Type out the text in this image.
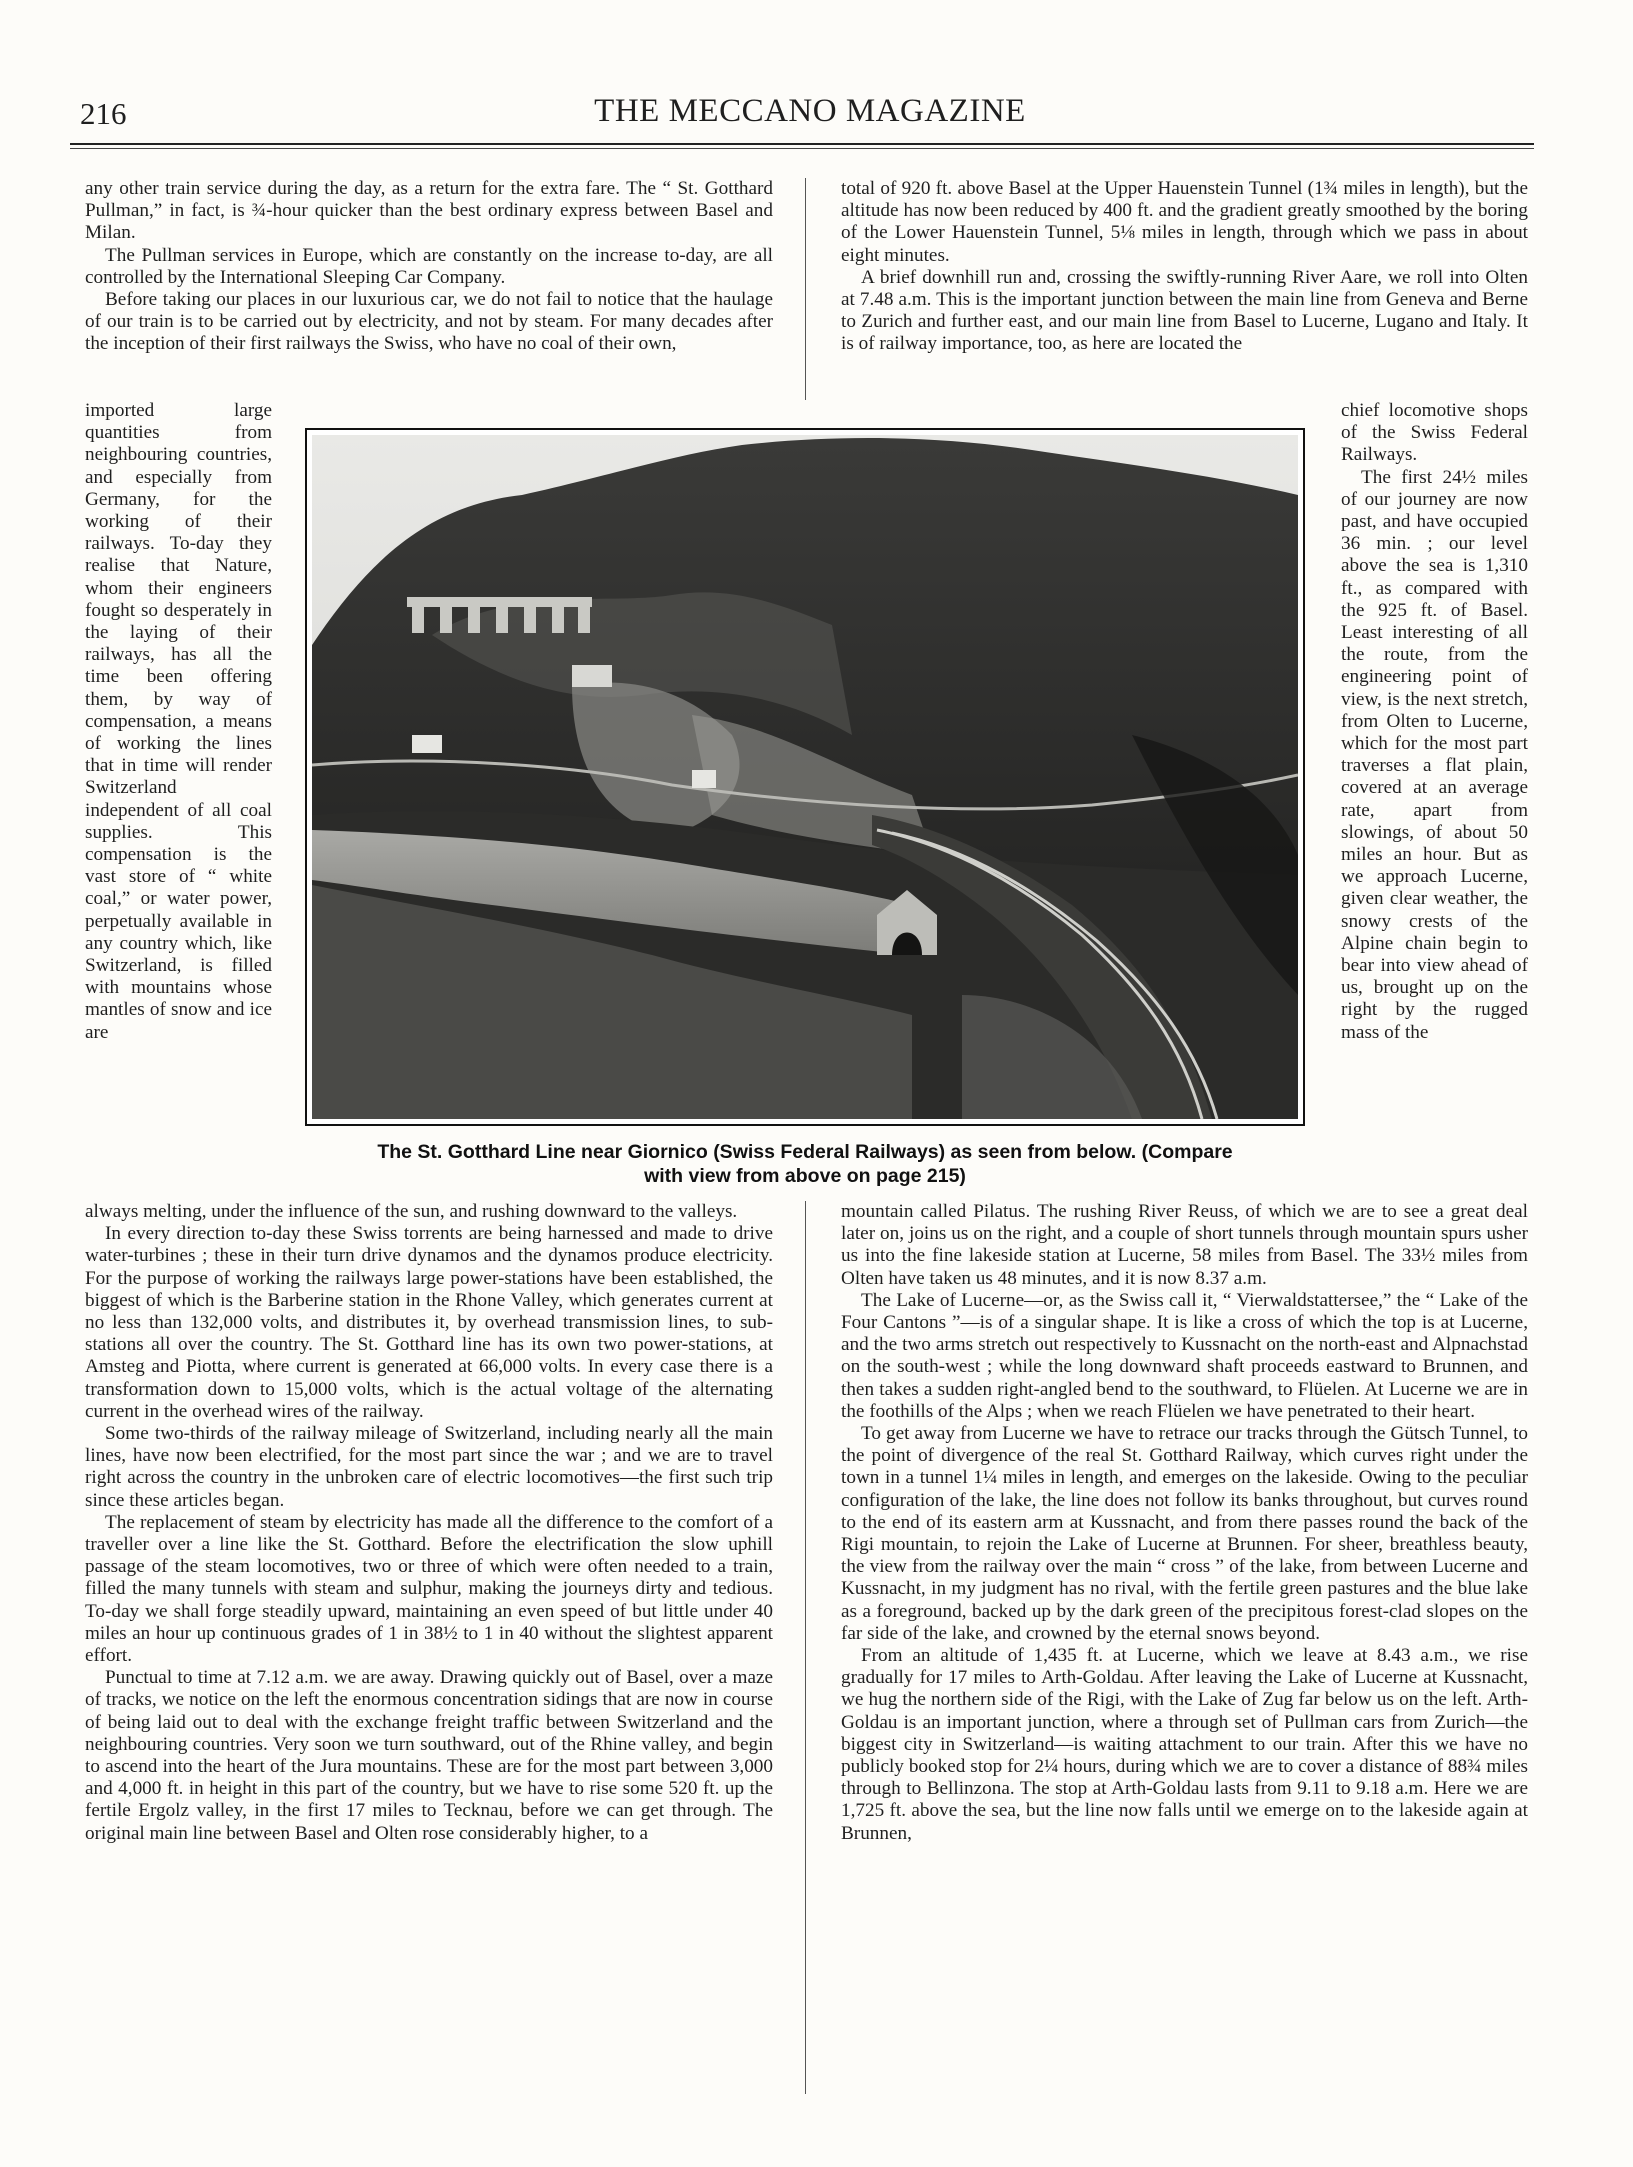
216	THE MECCANO MAGAZINE

any other train service during the day, as a return for the extra fare. The “ St. Gotthard Pullman,” in fact, is ¾-hour quicker than the best ordinary express between Basel and Milan.

The Pullman services in Europe, which are constantly on the increase to-day, are all controlled by the International Sleeping Car Company.

Before taking our places in our luxurious car, we do not fail to notice that the haulage of our train is to be carried out by electricity, and not by steam. For many decades after the inception of their first railways the Swiss, who have no coal of their own,

total of 920 ft. above Basel at the Upper Hauenstein Tunnel (1¾ miles in length), but the altitude has now been reduced by 400 ft. and the gradient greatly smoothed by the boring of the Lower Hauenstein Tunnel, 5⅛ miles in length, through which we pass in about eight minutes.

A brief downhill run and, crossing the swiftly-running River Aare, we roll into Olten at 7.48 a.m. This is the important junction between the main line from Geneva and Berne to Zurich and further east, and our main line from Basel to Lucerne, Lugano and Italy. It is of railway importance, too, as here are located the

imported large quantities from neighbouring countries, and especially from Germany, for the working of their railways. To-day they realise that Nature, whom their engineers fought so desperately in the laying of their railways, has all the time been offering them, by way of compensation, a means of working the lines that in time will render Switzerland independent of all coal supplies. This compensation is the vast store of “ white coal,” or water power, perpetually available in any country which, like Switzerland, is filled with mountains whose mantles of snow and ice are

chief locomotive shops of the Swiss Federal Railways.

The first 24½ miles of our journey are now past, and have occupied 36 min. ; our level above the sea is 1,310 ft., as compared with the 925 ft. of Basel. Least interesting of all the route, from the engineering point of view, is the next stretch, from Olten to Lucerne, which for the most part traverses a flat plain, covered at an average rate, apart from slowings, of about 50 miles an hour. But as we approach Lucerne, given clear weather, the snowy crests of the Alpine chain begin to bear into view ahead of us, brought up on the right by the rugged mass of the

The St. Gotthard Line near Giornico (Swiss Federal Railways) as seen from below. (Compare
with view from above on page 215)

always melting, under the influence of the sun, and rushing downward to the valleys.

In every direction to-day these Swiss torrents are being harnessed and made to drive water-turbines ; these in their turn drive dynamos and the dynamos produce electricity. For the purpose of working the railways large power-stations have been established, the biggest of which is the Barberine station in the Rhone Valley, which generates current at no less than 132,000 volts, and distributes it, by overhead transmission lines, to sub-stations all over the country. The St. Gotthard line has its own two power-stations, at Amsteg and Piotta, where current is generated at 66,000 volts. In every case there is a transformation down to 15,000 volts, which is the actual voltage of the alternating current in the overhead wires of the railway.

Some two-thirds of the railway mileage of Switzerland, including nearly all the main lines, have now been electrified, for the most part since the war ; and we are to travel right across the country in the unbroken care of electric locomotives—the first such trip since these articles began.

The replacement of steam by electricity has made all the difference to the comfort of a traveller over a line like the St. Gotthard. Before the electrification the slow uphill passage of the steam locomotives, two or three of which were often needed to a train, filled the many tunnels with steam and sulphur, making the journeys dirty and tedious. To-day we shall forge steadily upward, maintaining an even speed of but little under 40 miles an hour up continuous grades of 1 in 38½ to 1 in 40 without the slightest apparent effort.

Punctual to time at 7.12 a.m. we are away. Drawing quickly out of Basel, over a maze of tracks, we notice on the left the enormous concentration sidings that are now in course of being laid out to deal with the exchange freight traffic between Switzerland and the neighbouring countries. Very soon we turn southward, out of the Rhine valley, and begin to ascend into the heart of the Jura mountains. These are for the most part between 3,000 and 4,000 ft. in height in this part of the country, but we have to rise some 520 ft. up the fertile Ergolz valley, in the first 17 miles to Tecknau, before we can get through. The original main line between Basel and Olten rose considerably higher, to a

mountain called Pilatus. The rushing River Reuss, of which we are to see a great deal later on, joins us on the right, and a couple of short tunnels through mountain spurs usher us into the fine lakeside station at Lucerne, 58 miles from Basel. The 33½ miles from Olten have taken us 48 minutes, and it is now 8.37 a.m.

The Lake of Lucerne—or, as the Swiss call it, “ Vierwaldstattersee,” the “ Lake of the Four Cantons ”—is of a singular shape. It is like a cross of which the top is at Lucerne, and the two arms stretch out respectively to Kussnacht on the north-east and Alpnachstad on the south-west ; while the long downward shaft proceeds eastward to Brunnen, and then takes a sudden right-angled bend to the southward, to Flüelen. At Lucerne we are in the foothills of the Alps ; when we reach Flüelen we have penetrated to their heart.

To get away from Lucerne we have to retrace our tracks through the Gütsch Tunnel, to the point of divergence of the real St. Gotthard Railway, which curves right under the town in a tunnel 1¼ miles in length, and emerges on the lakeside. Owing to the peculiar configuration of the lake, the line does not follow its banks throughout, but curves round to the end of its eastern arm at Kussnacht, and from there passes round the back of the Rigi mountain, to rejoin the Lake of Lucerne at Brunnen. For sheer, breathless beauty, the view from the railway over the main “ cross ” of the lake, from between Lucerne and Kussnacht, in my judgment has no rival, with the fertile green pastures and the blue lake as a foreground, backed up by the dark green of the precipitous forest-clad slopes on the far side of the lake, and crowned by the eternal snows beyond.

From an altitude of 1,435 ft. at Lucerne, which we leave at 8.43 a.m., we rise gradually for 17 miles to Arth-Goldau. After leaving the Lake of Lucerne at Kussnacht, we hug the northern side of the Rigi, with the Lake of Zug far below us on the left. Arth-Goldau is an important junction, where a through set of Pullman cars from Zurich—the biggest city in Switzerland—is waiting attachment to our train. After this we have no publicly booked stop for 2¼ hours, during which we are to cover a distance of 88¾ miles through to Bellinzona. The stop at Arth-Goldau lasts from 9.11 to 9.18 a.m. Here we are 1,725 ft. above the sea, but the line now falls until we emerge on to the lakeside again at Brunnen,
